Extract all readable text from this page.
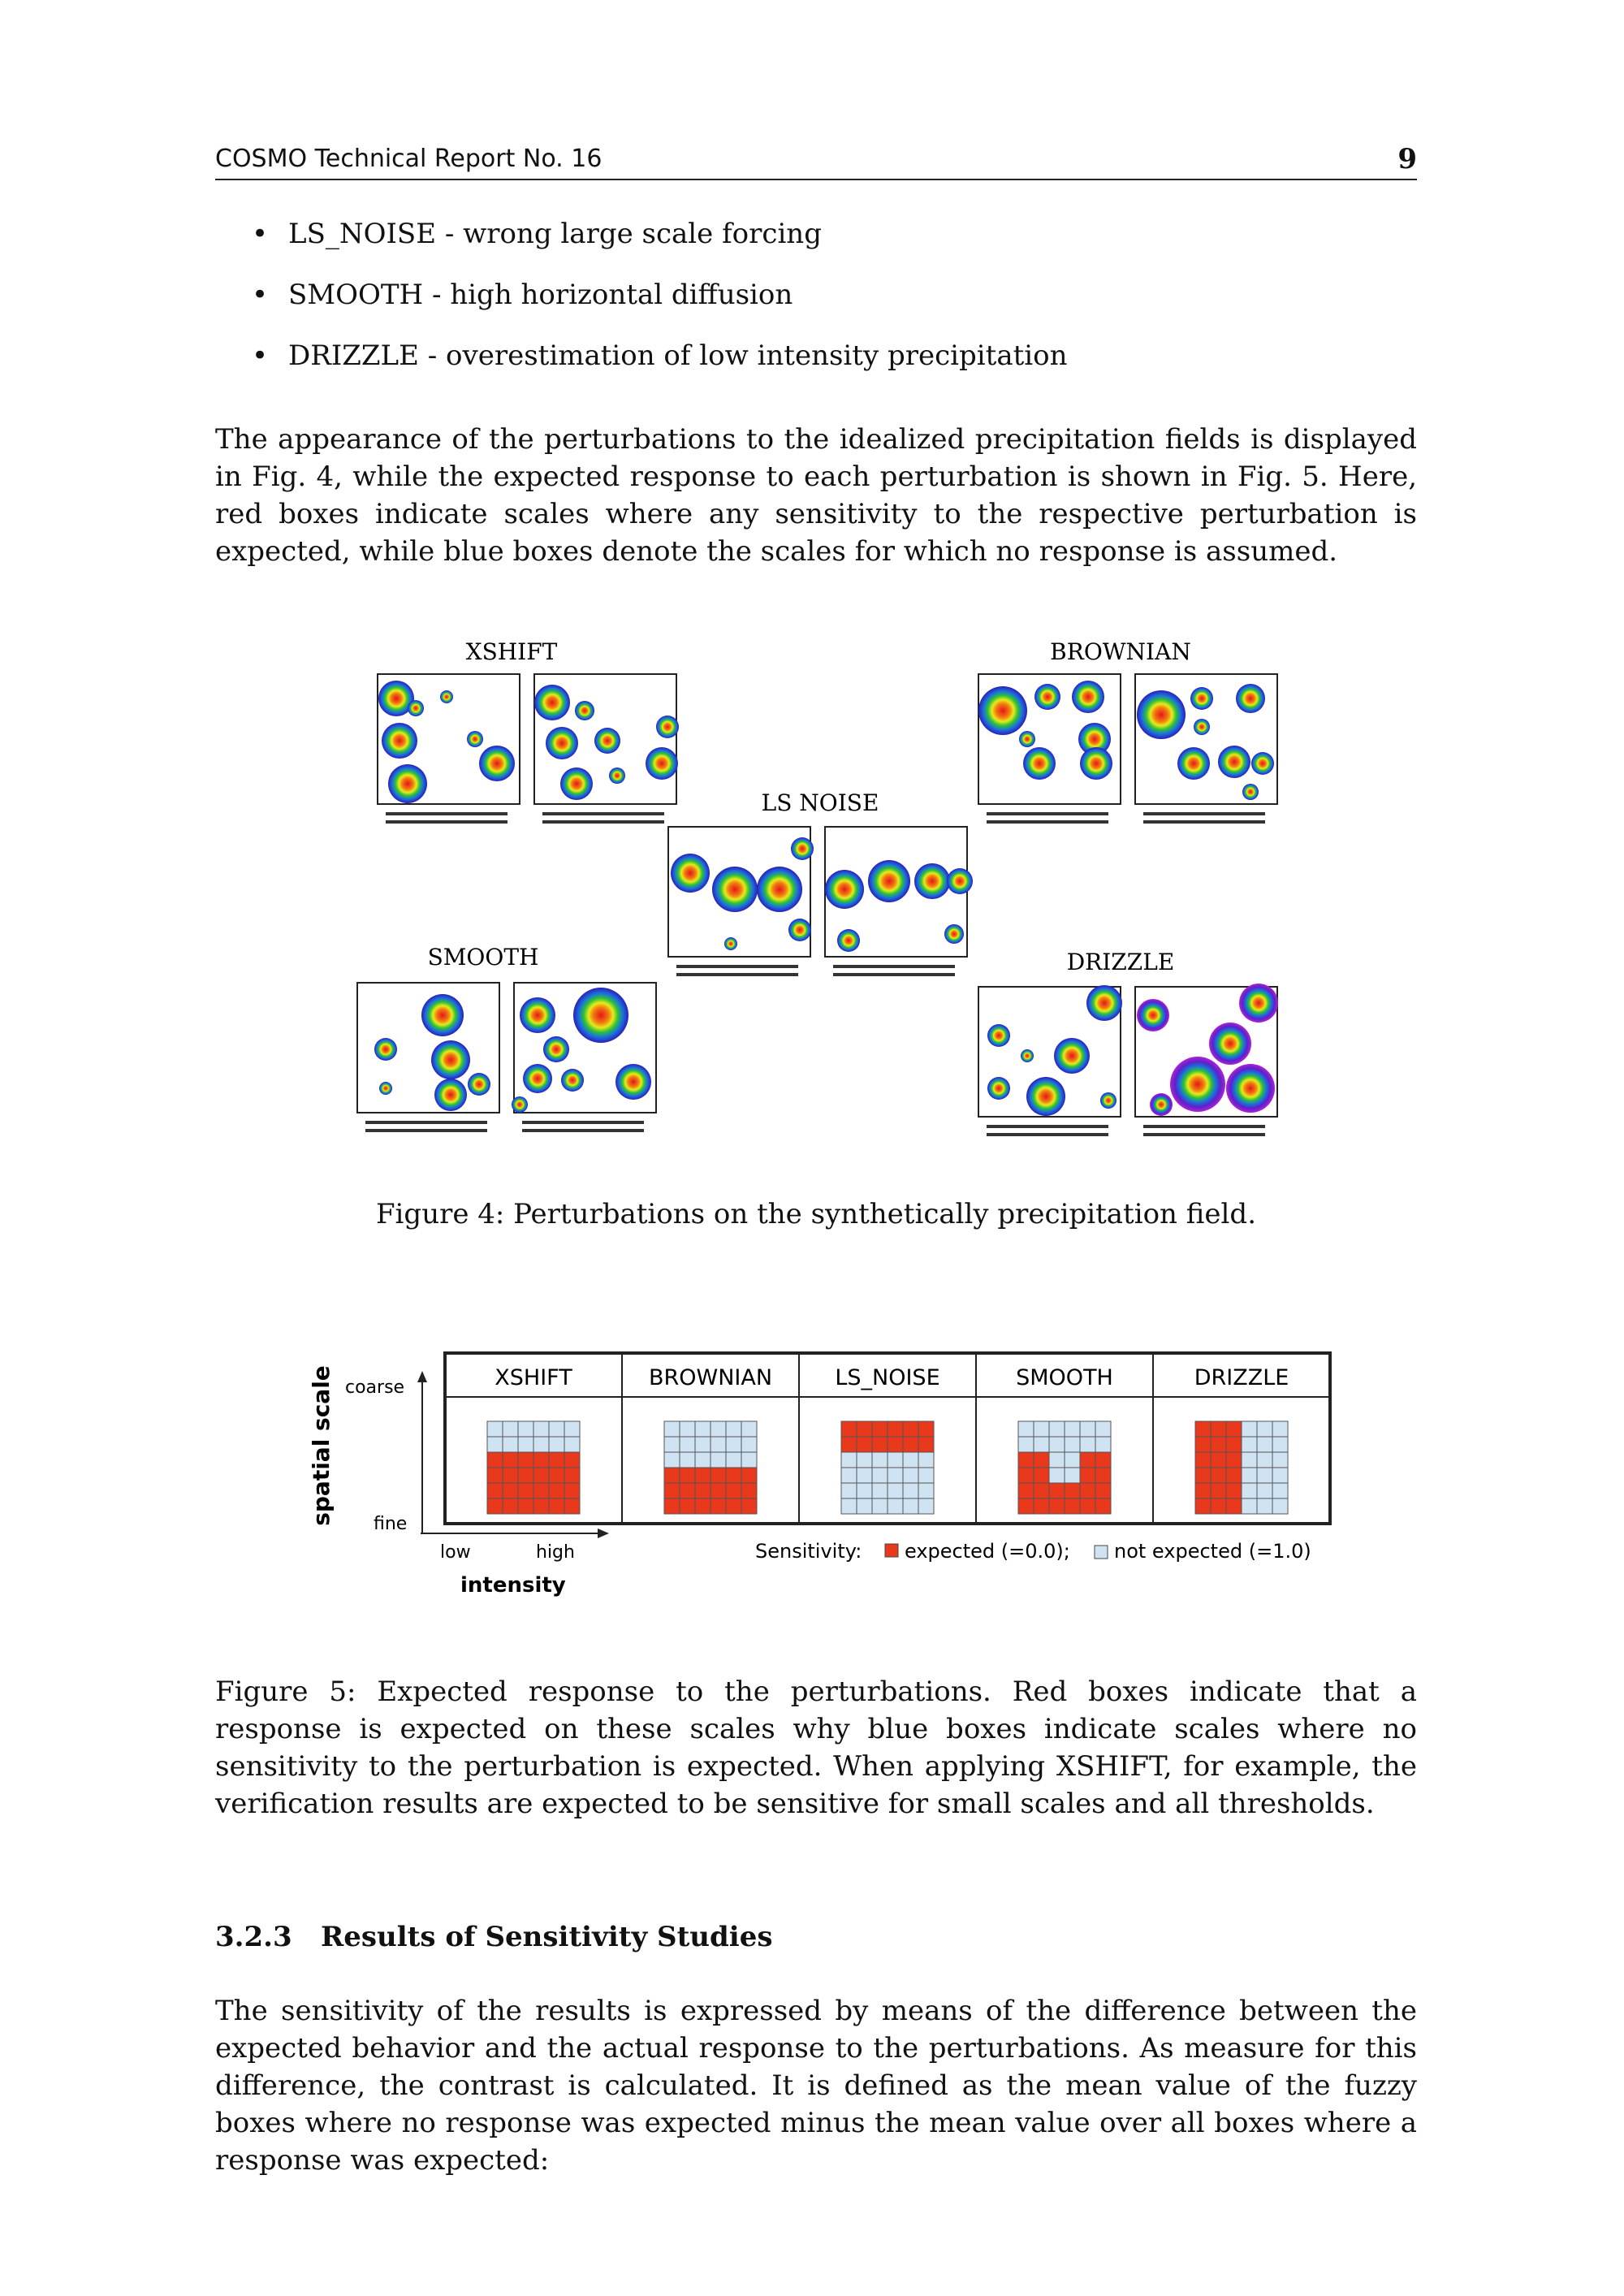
COSMO Technical Report No. 16	9
• LS_NOISE - wrong large scale forcing
• SMOOTH - high horizontal diffusion
• DRIZZLE - overestimation of low intensity precipitation

The appearance of the perturbations to the idealized precipitation fields is displayed in Fig. 4, while the expected response to each perturbation is shown in Fig. 5. Here, red boxes indicate scales where any sensitivity to the respective perturbation is expected, while blue boxes denote the scales for which no response is assumed.

XSHIFT	BROWNIAN
LS NOISE
SMOOTH	DRIZZLE
Figure 4: Perturbations on the synthetically precipitation field.
spatial scale coarse
fine
low	high
intensity
XSHIFT	BROWNIAN	LS_NOISE	SMOOTH	DRIZZLE
Sensitivity: expected (=0.0); not expected (=1.0)

Figure 5: Expected response to the perturbations. Red boxes indicate that a response is expected on these scales why blue boxes indicate scales where no sensitivity to the perturbation is expected. When applying XSHIFT, for example, the verification results are expected to be sensitive for small scales and all thresholds.

3.2.3 Results of Sensitivity Studies

The sensitivity of the results is expressed by means of the difference between the expected behavior and the actual response to the perturbations. As measure for this difference, the contrast is calculated. It is defined as the mean value of the fuzzy boxes where no response was expected minus the mean value over all boxes where a response was expected:
